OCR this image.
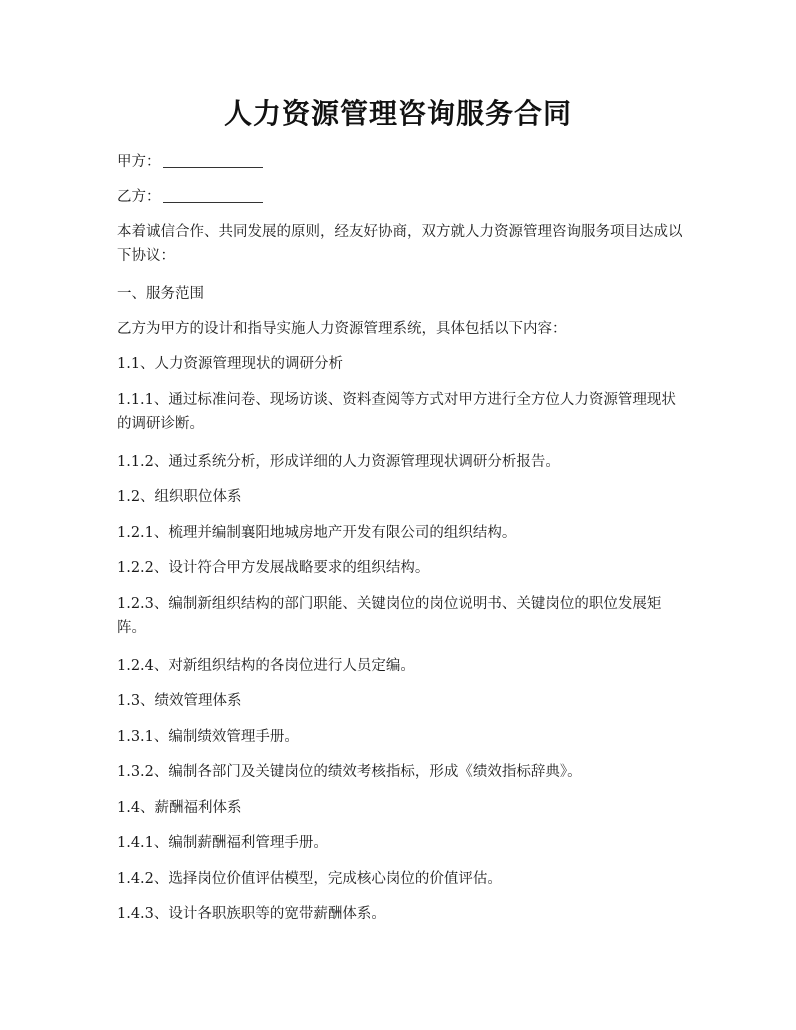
人力资源管理咨询服务合同
甲方：
乙方：
本着诚信合作、共同发展的原则，经友好协商，双方就人力资源管理咨询服务项目达成以下协议：
一、服务范围
乙方为甲方的设计和指导实施人力资源管理系统，具体包括以下内容：
1.1、人力资源管理现状的调研分析
1.1.1、通过标准问卷、现场访谈、资料查阅等方式对甲方进行全方位人力资源管理现状的调研诊断。
1.1.2、通过系统分析，形成详细的人力资源管理现状调研分析报告。
1.2、组织职位体系
1.2.1、梳理并编制襄阳地城房地产开发有限公司的组织结构。
1.2.2、设计符合甲方发展战略要求的组织结构。
1.2.3、编制新组织结构的部门职能、关键岗位的岗位说明书、关键岗位的职位发展矩阵。
1.2.4、对新组织结构的各岗位进行人员定编。
1.3、绩效管理体系
1.3.1、编制绩效管理手册。
1.3.2、编制各部门及关键岗位的绩效考核指标，形成《绩效指标辞典》。
1.4、薪酬福利体系
1.4.1、编制薪酬福利管理手册。
1.4.2、选择岗位价值评估模型，完成核心岗位的价值评估。
1.4.3、设计各职族职等的宽带薪酬体系。
